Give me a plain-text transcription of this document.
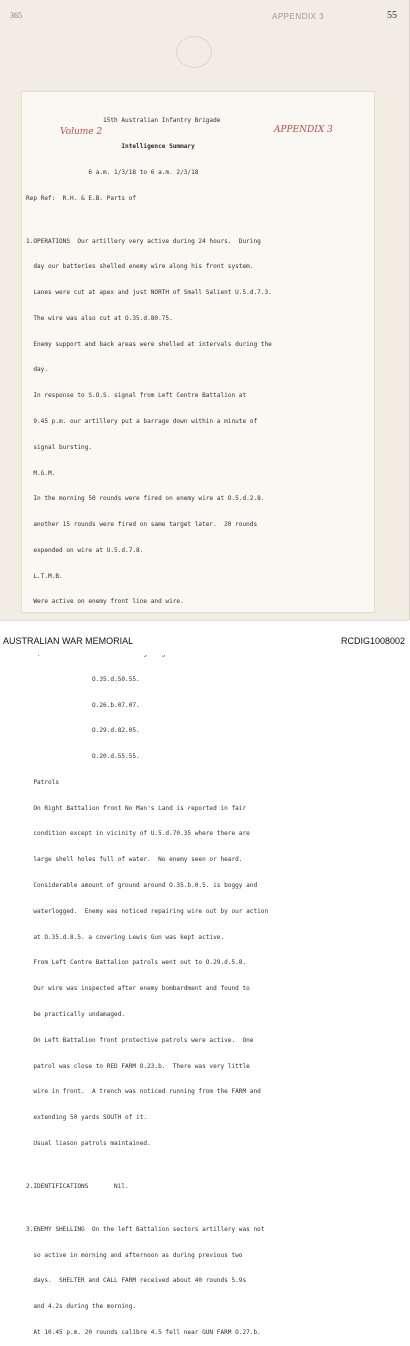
365	APPENDIX 3	55
Volume 2	APPENDIX 3

15th Australian Infantry Brigade

Intelligence Summary

6 a.m. 1/3/18 to 6 a.m. 2/3/18

Rep Ref:  R.H. & E.B. Parts of

1.OPERATIONS  Our artillery very active during 24 hours.  During

day our batteries shelled enemy wire along his front system.

Lanes were cut at apex and just NORTH of Small Salient U.5.d.7.3.

The wire was also cut at O.35.d.80.75.

Enemy support and back areas were shelled at intervals during the

day.

In response to S.O.S. signal from Left Centre Battalion at

9.45 p.m. our artillery put a barrage down within a minute of

signal bursting.

M.G.M.

In the morning 50 rounds were fired on enemy wire at O.5.d.2.8.

another 15 rounds were fired on same target later.  20 rounds

expended on wire at U.5.d.7.8.

L.T.M.B.

Were active on enemy front line and wire.

O.35.d.50.55.

O.26.b.07.07.

O.29.d.82.05.

O.20.d.55.55.

Patrols

On Right Battalion front No Man's Land is reported in fair

condition except in vicinity of U.5.d.70.35 where there are

large shell holes full of water.  No enemy seen or heard.

Considerable amount of ground around O.35.b.0.5. is boggy and

waterlogged.  Enemy was noticed repairing wire out by our action

at O.35.d.8.5. a covering Lewis Gun was kept active.

From Left Centre Battalion patrols went out to O.29.d.5.8.

Our wire was inspected after enemy bombardment and found to

be practically undamaged.

On Left Battalion front protective patrols were active.  One

patrol was close to RED FARM O.23.b.  There was very little

wire in front.  A trench was noticed running from the FARM and

extending 50 yards SOUTH of it.

Usual liason patrols maintained.

2.IDENTIFICATIONS       Nil.

3.ENEMY SHELLING  On the left Battalion sectors artillery was not

so active in morning and afternoon as during previous two

days.  SHELTER and CALL FARM received about 40 rounds 5.9s

and 4.2s during the morning.

At 10.45 p.m. 20 rounds calibre 4.5 fell near GUN FARM O.27.b.

AUSTRALIAN WAR MEMORIAL	RCDIG1008002
